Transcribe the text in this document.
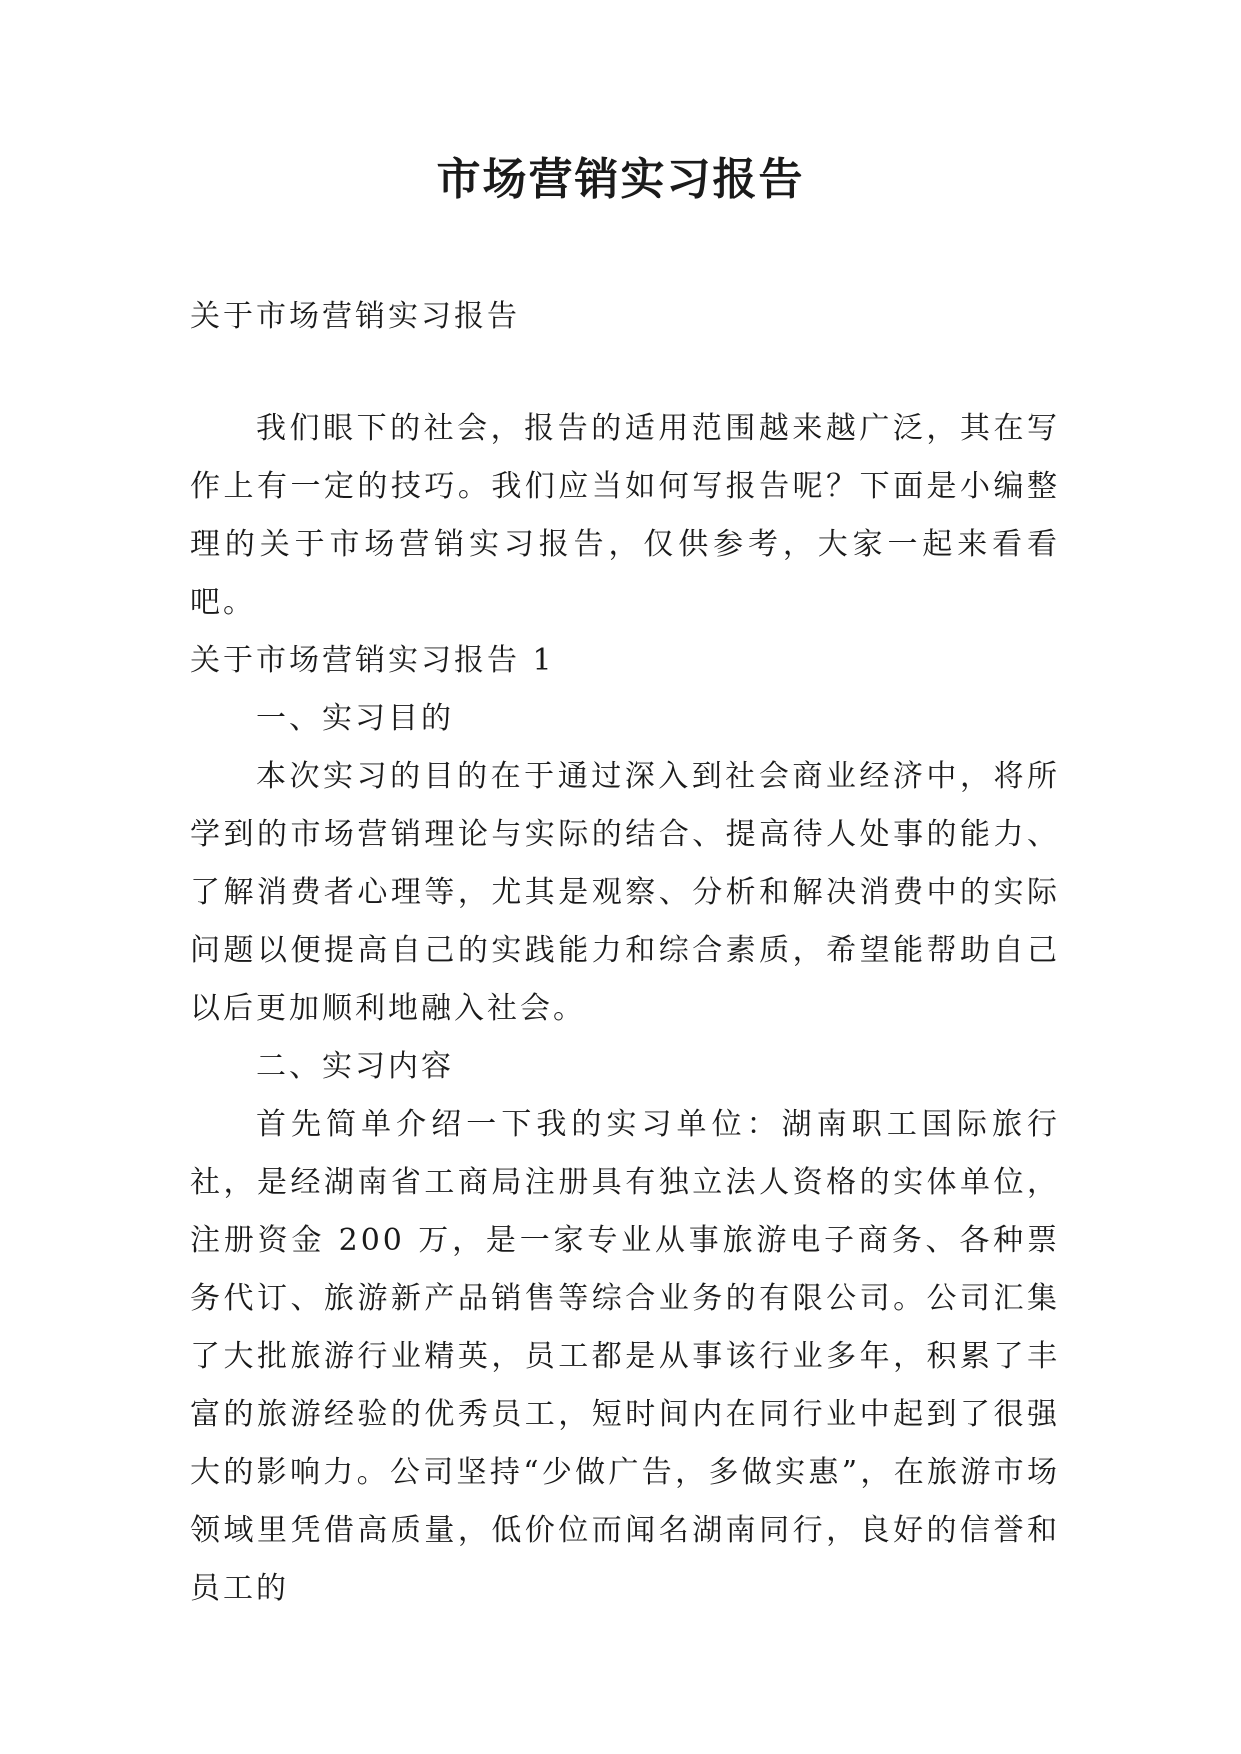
市场营销实习报告
关于市场营销实习报告
我们眼下的社会，报告的适用范围越来越广泛，其在写作上有一定的技巧。我们应当如何写报告呢？下面是小编整理的关于市场营销实习报告，仅供参考，大家一起来看看吧。

关于市场营销实习报告 1

一、实习目的

本次实习的目的在于通过深入到社会商业经济中，将所学到的市场营销理论与实际的结合、提高待人处事的能力、了解消费者心理等，尤其是观察、分析和解决消费中的实际问题以便提高自己的实践能力和综合素质，希望能帮助自己以后更加顺利地融入社会。

二、实习内容

首先简单介绍一下我的实习单位：湖南职工国际旅行社，是经湖南省工商局注册具有独立法人资格的实体单位，注册资金 200 万，是一家专业从事旅游电子商务、各种票务代订、旅游新产品销售等综合业务的有限公司。公司汇集了大批旅游行业精英，员工都是从事该行业多年，积累了丰富的旅游经验的优秀员工，短时间内在同行业中起到了很强大的影响力。公司坚持“少做广告，多做实惠”，在旅游市场领域里凭借高质量，低价位而闻名湖南同行，良好的信誉和员工的
